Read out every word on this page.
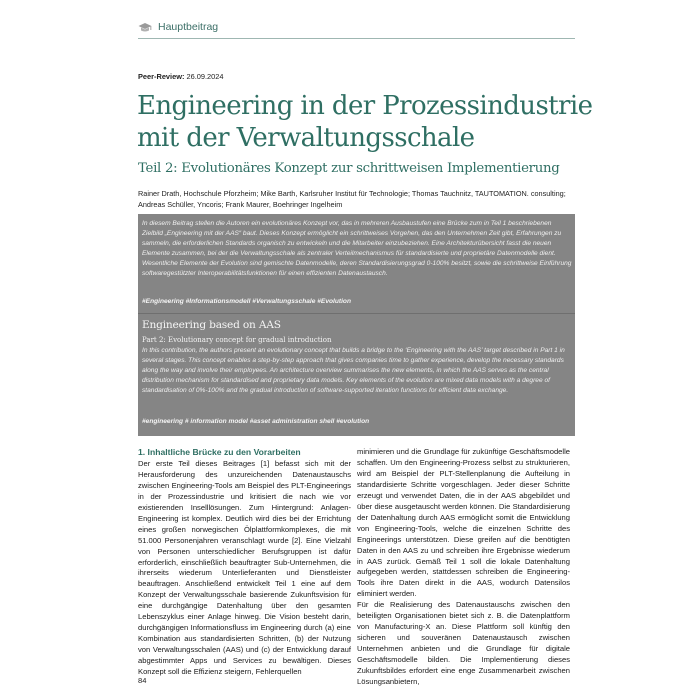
Hauptbeitrag
Peer-Review: 26.09.2024
Engineering in der Prozessindustrie
mit der Verwaltungsschale
Teil 2: Evolutionäres Konzept zur schrittweisen Implementierung
Rainer Drath, Hochschule Pforzheim; Mike Barth, Karlsruher Institut für Technologie; Thomas Tauchnitz, TAUTOMATION. consulting; Andreas Schüller, Yncoris; Frank Maurer, Boehringer Ingelheim
In diesem Beitrag stellen die Autoren ein evolutionäres Konzept vor, das in mehreren Ausbaustufen eine Brücke zum in Teil 1 beschriebenen Zielbild „Engineering mit der AAS“ baut. Dieses Konzept ermöglicht ein schrittweises Vorgehen, das den Unternehmen Zeit gibt, Erfahrungen zu sammeln, die erforderlichen Standards organisch zu entwickeln und die Mitarbeiter einzubeziehen. Eine Architekturübersicht fasst die neuen Elemente zusammen, bei der die Verwaltungsschale als zentraler Verteilmechanismus für standardisierte und proprietäre Datenmodelle dient. Wesentliche Elemente der Evolution sind gemischte Datenmodelle, deren Standardisierungsgrad 0-100% besitzt, sowie die schrittweise Einführung softwaregestützter Interoperabilitätsfunktionen für einen effizienten Datenaustausch.
#Engineering #Informationsmodell #Verwaltungsschale #Evolution
Engineering based on AAS
Part 2: Evolutionary concept for gradual introduction
In this contribution, the authors present an evolutionary concept that builds a bridge to the ‘Engineering with the AAS’ target described in Part 1 in several stages. This concept enables a step-by-step approach that gives companies time to gather experience, develop the necessary standards along the way and involve their employees. An architecture overview summarises the new elements, in which the AAS serves as the central distribution mechanism for standardised and proprietary data models. Key elements of the evolution are mixed data models with a degree of standardisation of 0%-100% and the gradual introduction of software-supported iteration functions for efficient data exchange.
#engineering # information model #asset administration shell #evolution
1. Inhaltliche Brücke zu den Vorarbeiten

Der erste Teil dieses Beitrages [1] befasst sich mit der Herausforderung des unzureichenden Datenaustauschs zwischen Engineering-Tools am Beispiel des PLT-Engineerings in der Prozessindustrie und kritisiert die nach wie vor existierenden Inselllösungen. Zum Hintergrund: Anlagen-Engineering ist komplex. Deutlich wird dies bei der Errichtung eines großen norwegischen Ölplattformkomplexes, die mit 51.000 Personenjahren veranschlagt wurde [2]. Eine Vielzahl von Personen unterschiedlicher Berufsgruppen ist dafür erforderlich, einschließlich beauftragter Sub-Unternehmen, die ihrerseits wiederum Unterlieferanten und Dienstleister beauftragen. Anschließend entwickelt Teil 1 eine auf dem Konzept der Verwaltungsschale basierende Zukunftsvision für eine durchgängige Datenhaltung über den gesamten Lebenszyklus einer Anlage hinweg. Die Vision besteht darin, durchgängigen Informationsfluss im Engineering durch (a) eine Kombination aus standardisierten Schritten, (b) der Nutzung von Verwaltungsschalen (AAS) und (c) der Entwicklung darauf abgestimmter Apps und Services zu bewältigen. Dieses Konzept soll die Effizienz steigern, Fehlerquellen

minimieren und die Grundlage für zukünftige Geschäftsmodelle schaffen. Um den Engineering-Prozess selbst zu strukturieren, wird am Beispiel der PLT-Stellenplanung die Aufteilung in standardisierte Schritte vorgeschlagen. Jeder dieser Schritte erzeugt und verwendet Daten, die in der AAS abgebildet und über diese ausgetauscht werden können. Die Standardisierung der Datenhaltung durch AAS ermöglicht somit die Entwicklung von Engineering-Tools, welche die einzelnen Schritte des Engineerings unterstützen. Diese greifen auf die benötigten Daten in den AAS zu und schreiben ihre Ergebnisse wiederum in AAS zurück. Gemäß Teil 1 soll die lokale Datenhaltung aufgegeben werden, stattdessen schreiben die Engineering-Tools ihre Daten direkt in die AAS, wodurch Datensilos eliminiert werden.

Für die Realisierung des Datenaustauschs zwischen den beteiligten Organisationen bietet sich z. B. die Datenplattform von Manufacturing-X an. Diese Plattform soll künftig den sicheren und souveränen Datenaustausch zwischen Unternehmen anbieten und die Grundlage für digitale Geschäftsmodelle bilden. Die Implementierung dieses Zukunftsbildes erfordert eine enge Zusammenarbeit zwischen Lösungsanbietern,

84
